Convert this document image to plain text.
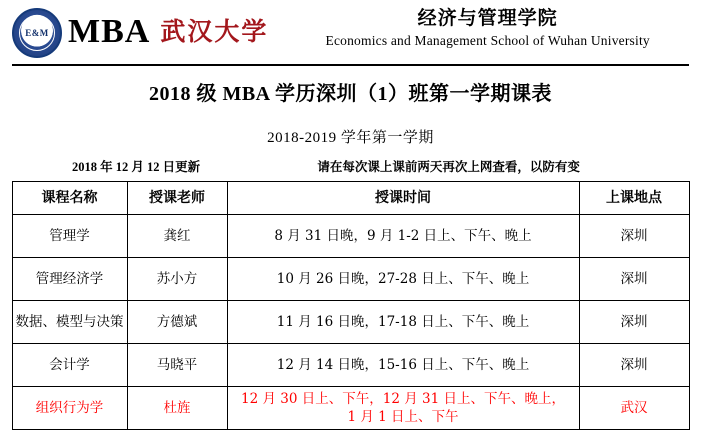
E&M MBA 武汉大学	经济与管理学院
Economics and Management School of Wuhan University
2018 级 MBA 学历深圳（1）班第一学期课表
2018-2019 学年第一学期
2018 年 12 月 12 日更新	请在每次课上课前两天再次上网查看，以防有变
课程名称	授课老师	授课时间	上课地点
管理学	龚红	8 月 31 日晚，9 月 1-2 日上、下午、晚上	深圳
管理经济学	苏小方	10 月 26 日晚，27-28 日上、下午、晚上	深圳
数据、模型与决策	方德斌	11 月 16 日晚，17-18 日上、下午、晚上	深圳
会计学	马晓平	12 月 14 日晚，15-16 日上、下午、晚上	深圳
组织行为学	杜旌	12 月 30 日上、下午，12 月 31 日上、下午、晚上，
1 月 1 日上、下午	武汉
